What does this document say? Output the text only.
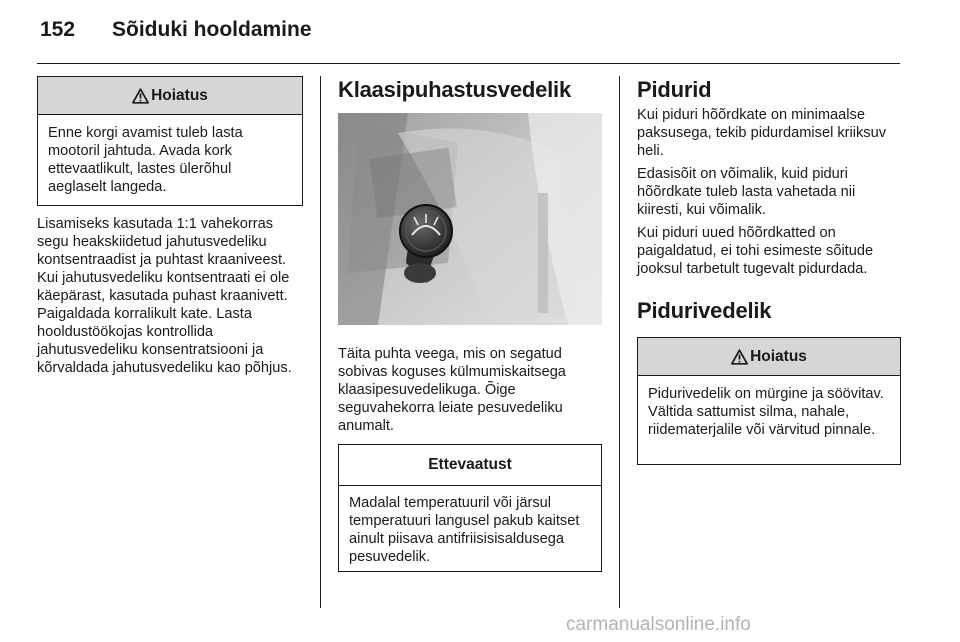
152	Sõiduki hooldamine
Hoiatus
Enne korgi avamist tuleb lasta mootoril jahtuda. Avada kork ettevaatlikult, lastes ülerõhul aeglaselt langeda.

Lisamiseks kasutada 1:1 vahekorras segu heakskiidetud jahutusvedeliku kontsentraadist ja puhtast kraaniveest. Kui jahutusvedeliku kontsentraati ei ole käepärast, kasutada puhast kraanivett. Paigaldada korralikult kate. Lasta hooldustöökojas kontrollida jahutusvedeliku konsentratsiooni ja kõrvaldada jahutusvedeliku kao põhjus.

Klaasipuhastusvedelik

Täita puhta veega, mis on segatud sobivas koguses külmumiskaitsega klaasipesuvedelikuga. Õige seguvahekorra leiate pesuvedeliku anumalt.

Ettevaatust
Madalal temperatuuril või järsul temperatuuri langusel pakub kaitset ainult piisava antifriisisisaldusega pesuvedelik.
Pidurid

Kui piduri hõõrdkate on minimaalse paksusega, tekib pidurdamisel kriiksuv heli.

Edasisõit on võimalik, kuid piduri hõõrdkate tuleb lasta vahetada nii kiiresti, kui võimalik.

Kui piduri uued hõõrdkatted on paigaldatud, ei tohi esimeste sõitude jooksul tarbetult tugevalt pidurdada.

Pidurivedelik
Hoiatus
Pidurivedelik on mürgine ja söövitav. Vältida sattumist silma, nahale, riidematerjalile või värvitud pinnale.
carmanualsonline.info
